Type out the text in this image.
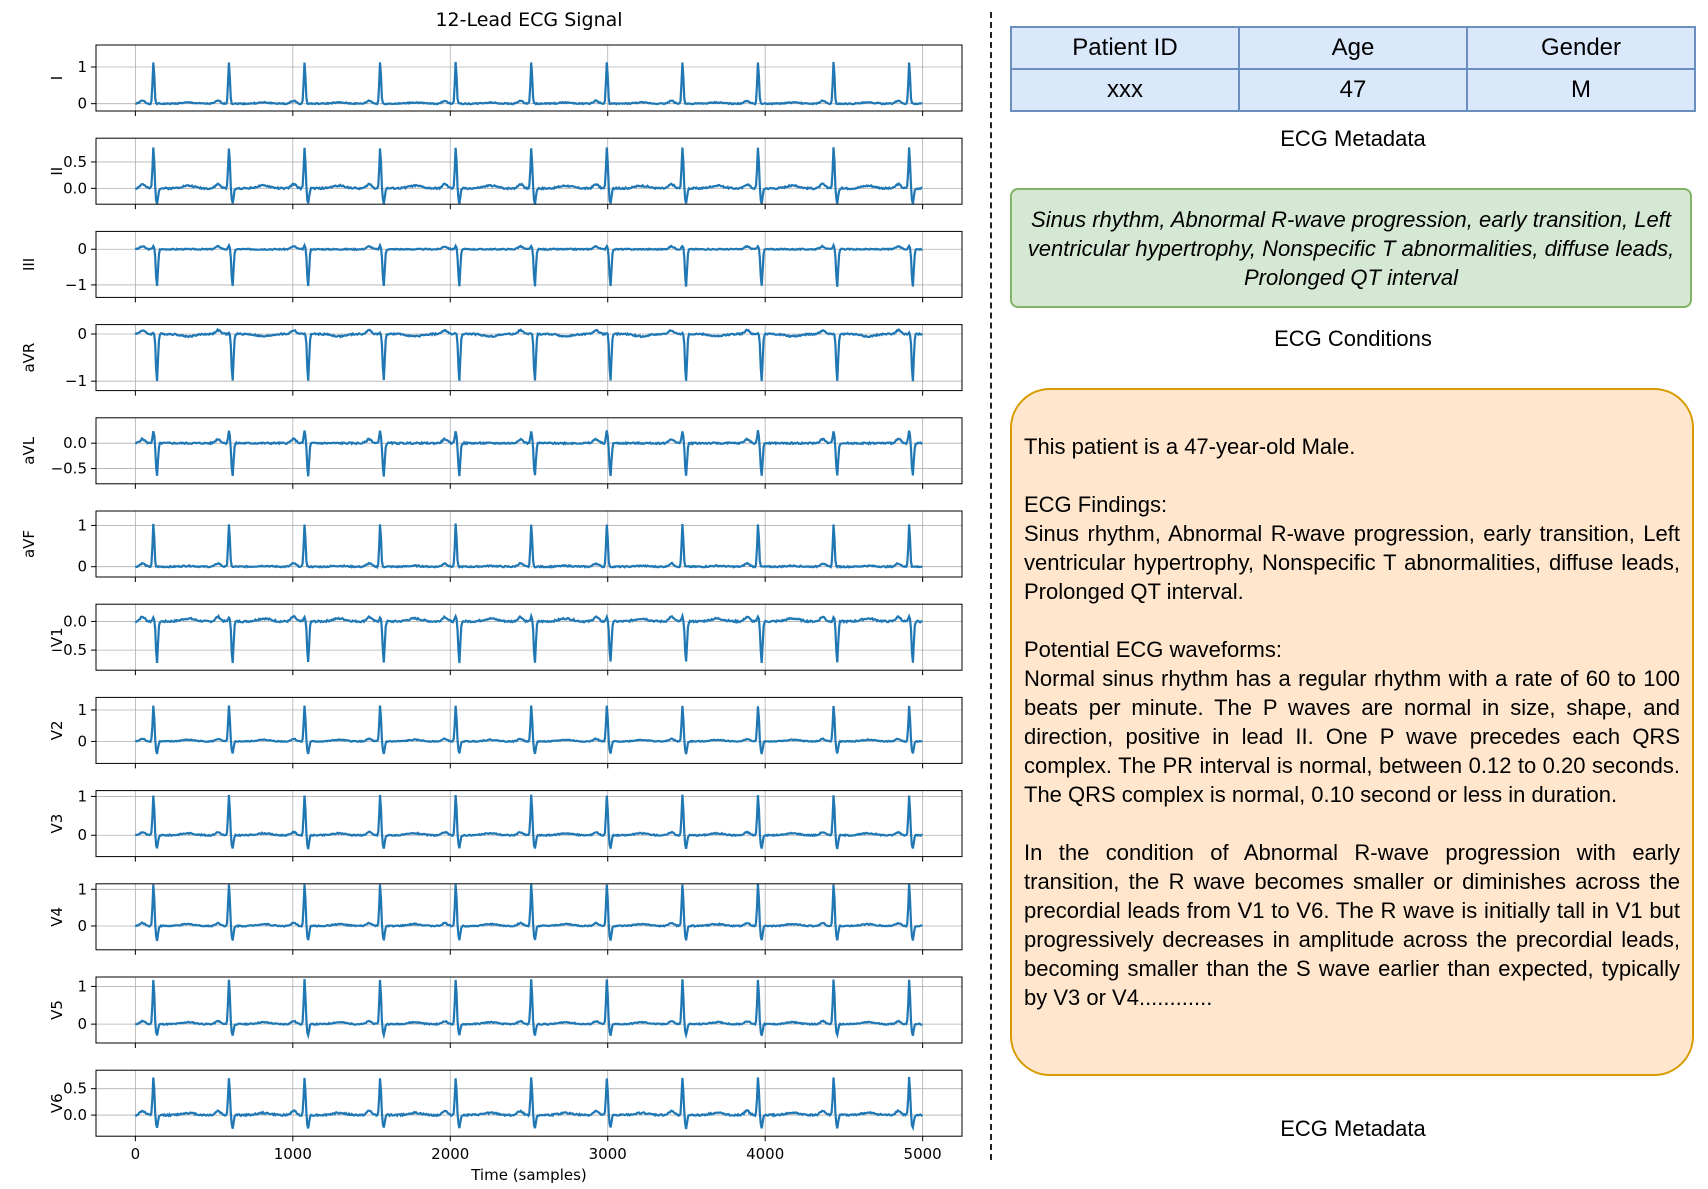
12-Lead ECG Signal
0
1
I
0.0
0.5
II
−1
0
III
−1
0
aVR
−0.5
0.0
aVL
0
1
aVF
−0.5
0.0
V1
0
1
V2
0
1
V3
0
1
V4
0
1
V5
0.0
0.5
V6
0	1000	2000	3000	4000	5000
Time (samples)
Patient ID	Age	Gender
xxx	47	M
ECG Metadata
Sinus rhythm, Abnormal R-wave progression, early transition, Left ventricular hypertrophy, Nonspecific T abnormalities, diffuse leads, Prolonged QT interval
ECG Conditions

This patient is a 47-year-old Male.

ECG Findings:

Sinus rhythm, Abnormal R-wave progression, early transition, Left ventricular hypertrophy, Nonspecific T abnormalities, diffuse leads, Prolonged QT interval.

Potential ECG waveforms:

Normal sinus rhythm has a regular rhythm with a rate of 60 to 100 beats per minute. The P waves are normal in size, shape, and direction, positive in lead II. One P wave precedes each QRS complex. The PR interval is normal, between 0.12 to 0.20 seconds. The QRS complex is normal, 0.10 second or less in duration.

In the condition of Abnormal R-wave progression with early transition, the R wave becomes smaller or diminishes across the precordial leads from V1 to V6. The R wave is initially tall in V1 but progressively decreases in amplitude across the precordial leads, becoming smaller than the S wave earlier than expected, typically by V3 or V4............

ECG Metadata
